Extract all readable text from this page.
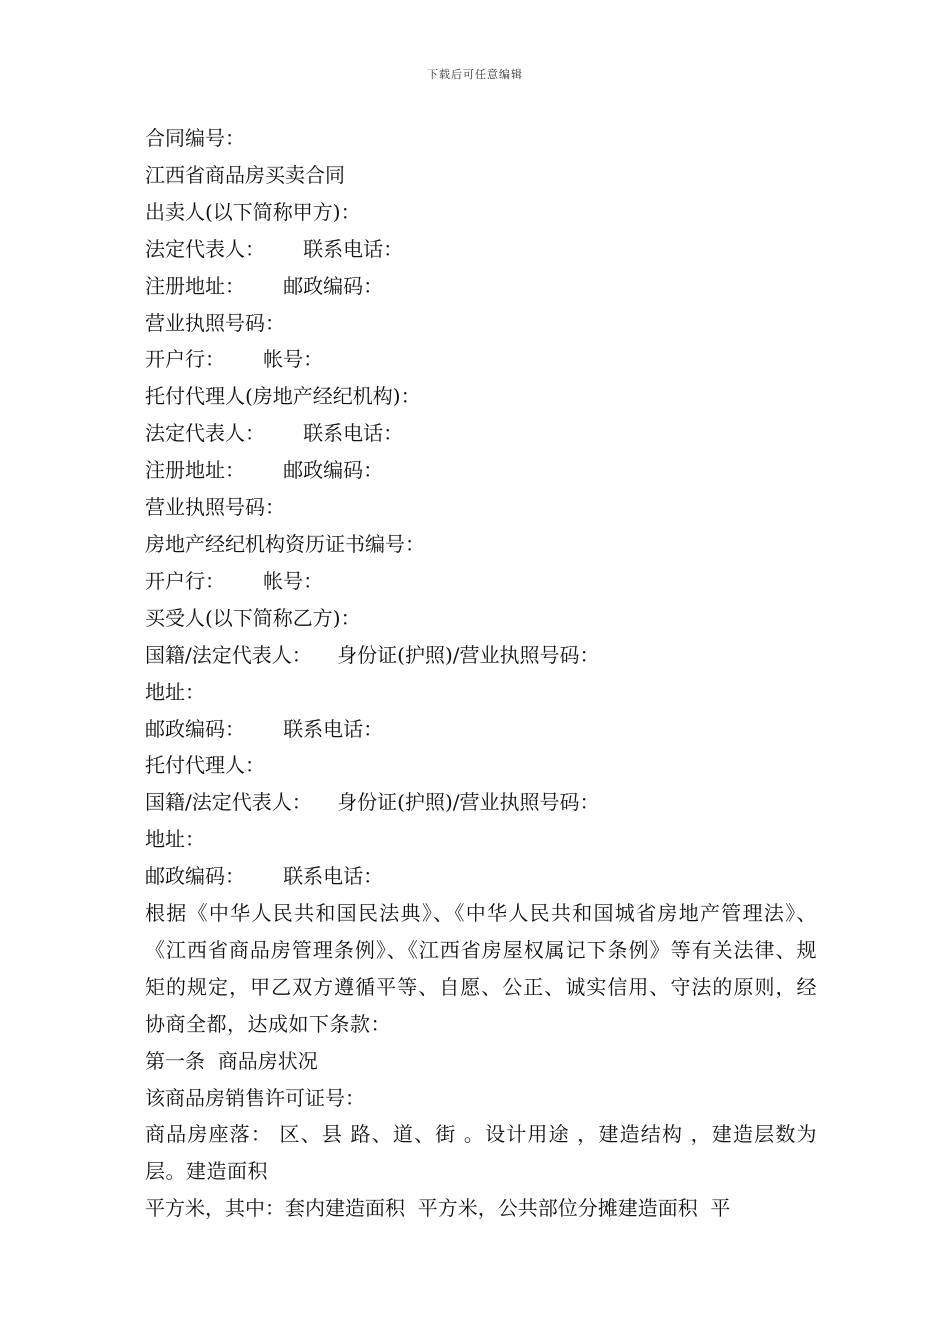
下载后可任意编辑
合同编号：
江西省商品房买卖合同
出卖人(以下简称甲方)：
法定代表人：      联系电话：
注册地址：      邮政编码：
营业执照号码：
开户行：      帐号：
托付代理人(房地产经纪机构)：
法定代表人：      联系电话：
注册地址：      邮政编码：
营业执照号码：
房地产经纪机构资历证书编号：
开户行：      帐号：
买受人(以下简称乙方)：
国籍/法定代表人：    身份证(护照)/营业执照号码：
地址：
邮政编码：      联系电话：
托付代理人：
国籍/法定代表人：    身份证(护照)/营业执照号码：
地址：
邮政编码：      联系电话：
根据《中华人民共和国民法典》、《中华人民共和国城省房地产管理法》、《江西省商品房管理条例》、《江西省房屋权属记下条例》等有关法律、规矩的规定，甲乙双方遵循平等、自愿、公正、诚实信用、守法的原则，经协商全都，达成如下条款：
第一条  商品房状况
该商品房销售许可证号：
商品房座落： 区、县 路、道、街 。设计用途 ，建造结构 ，建造层数为 层。建造面积
平方米，其中：套内建造面积  平方米，公共部位分摊建造面积  平
